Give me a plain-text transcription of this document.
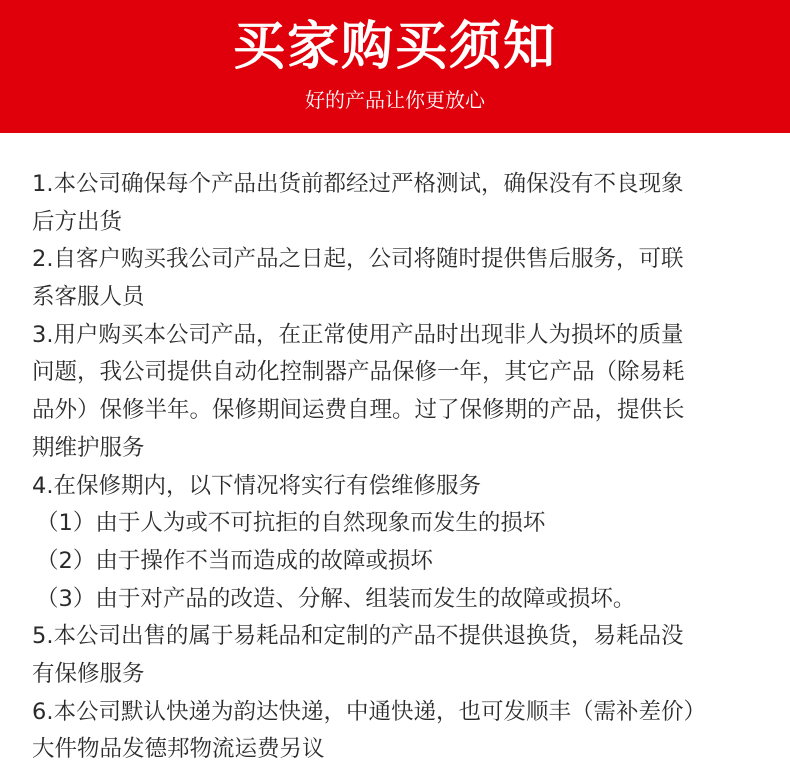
买家购买须知
好的产品让你更放心
1.本公司确保每个产品出货前都经过严格测试，确保没有不良现象
后方出货
2.自客户购买我公司产品之日起，公司将随时提供售后服务，可联
系客服人员
3.用户购买本公司产品，在正常使用产品时出现非人为损坏的质量
问题，我公司提供自动化控制器产品保修一年，其它产品（除易耗
品外）保修半年。保修期间运费自理。过了保修期的产品，提供长
期维护服务
4.在保修期内，以下情况将实行有偿维修服务
（1）由于人为或不可抗拒的自然现象而发生的损坏
（2）由于操作不当而造成的故障或损坏
（3）由于对产品的改造、分解、组装而发生的故障或损坏。
5.本公司出售的属于易耗品和定制的产品不提供退换货，易耗品没
有保修服务
6.本公司默认快递为韵达快递，中通快递，也可发顺丰（需补差价）
大件物品发德邦物流运费另议
